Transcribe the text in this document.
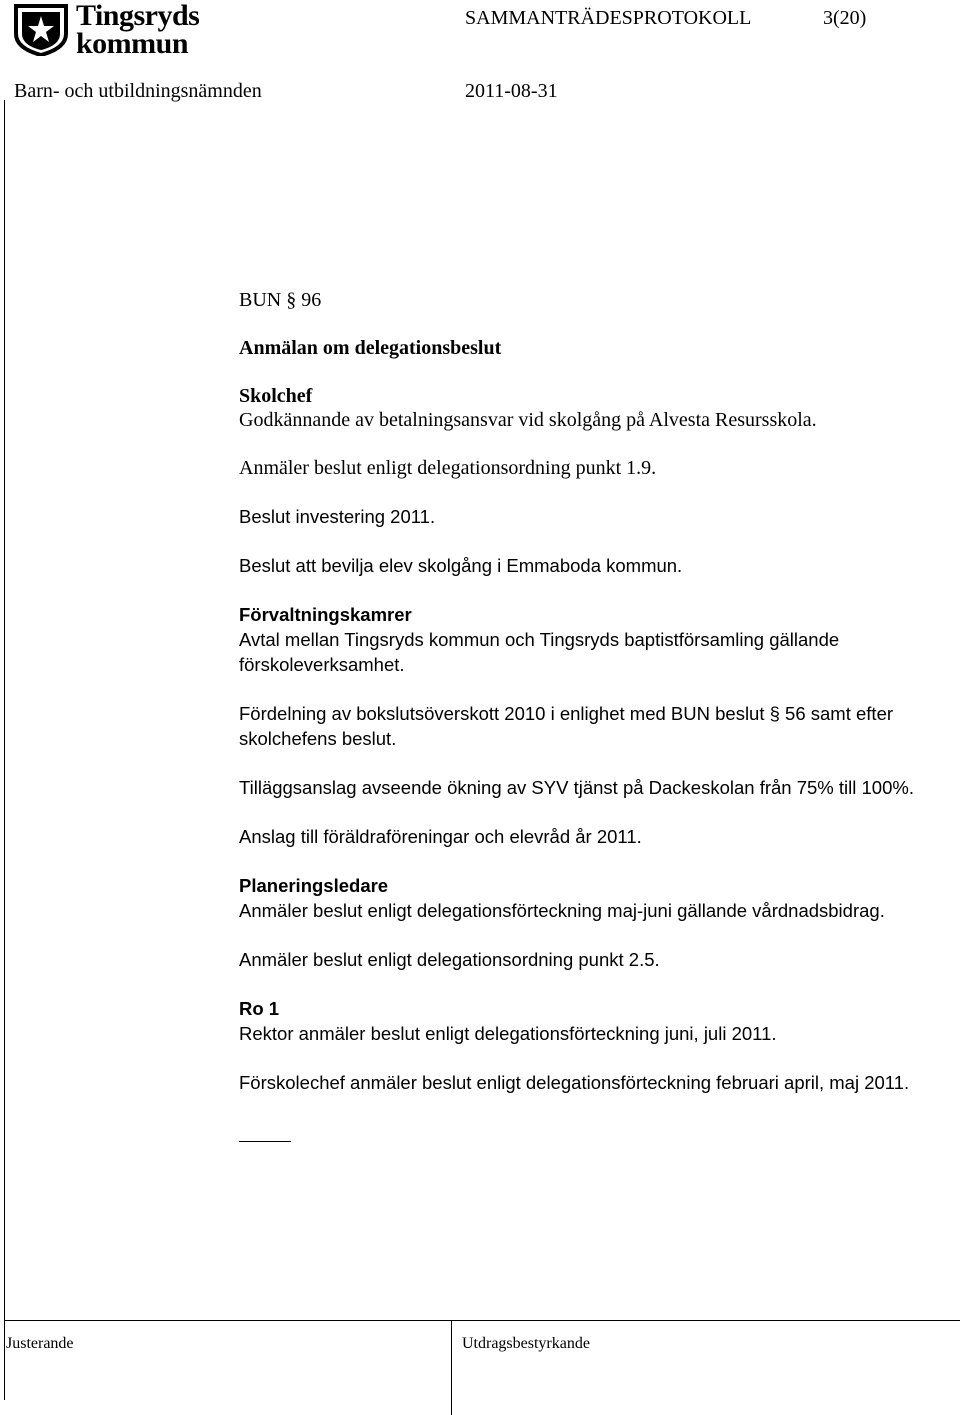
Tingsryds
kommun
SAMMANTRÄDESPROTOKOLL	3(20)
Barn- och utbildningsnämnden	2011-08-31

BUN § 96

Anmälan om delegationsbeslut

Skolchef

Godkännande av betalningsansvar vid skolgång på Alvesta Resursskola.

Anmäler beslut enligt delegationsordning punkt 1.9.

Beslut investering 2011.

Beslut att bevilja elev skolgång i Emmaboda kommun.

Förvaltningskamrer

Avtal mellan Tingsryds kommun och Tingsryds baptistförsamling gällande förskoleverksamhet.

Fördelning av bokslutsöverskott 2010 i enlighet med BUN beslut § 56 samt efter skolchefens beslut.

Tilläggsanslag avseende ökning av SYV tjänst på Dackeskolan från 75% till 100%.

Anslag till föräldraföreningar och elevråd år 2011.

Planeringsledare

Anmäler beslut enligt delegationsförteckning maj-juni gällande vårdnadsbidrag.

Anmäler beslut enligt delegationsordning punkt 2.5.

Ro 1

Rektor anmäler beslut enligt delegationsförteckning juni, juli 2011.

Förskolechef anmäler beslut enligt delegationsförteckning februari april, maj 2011.

Justerande	Utdragsbestyrkande
